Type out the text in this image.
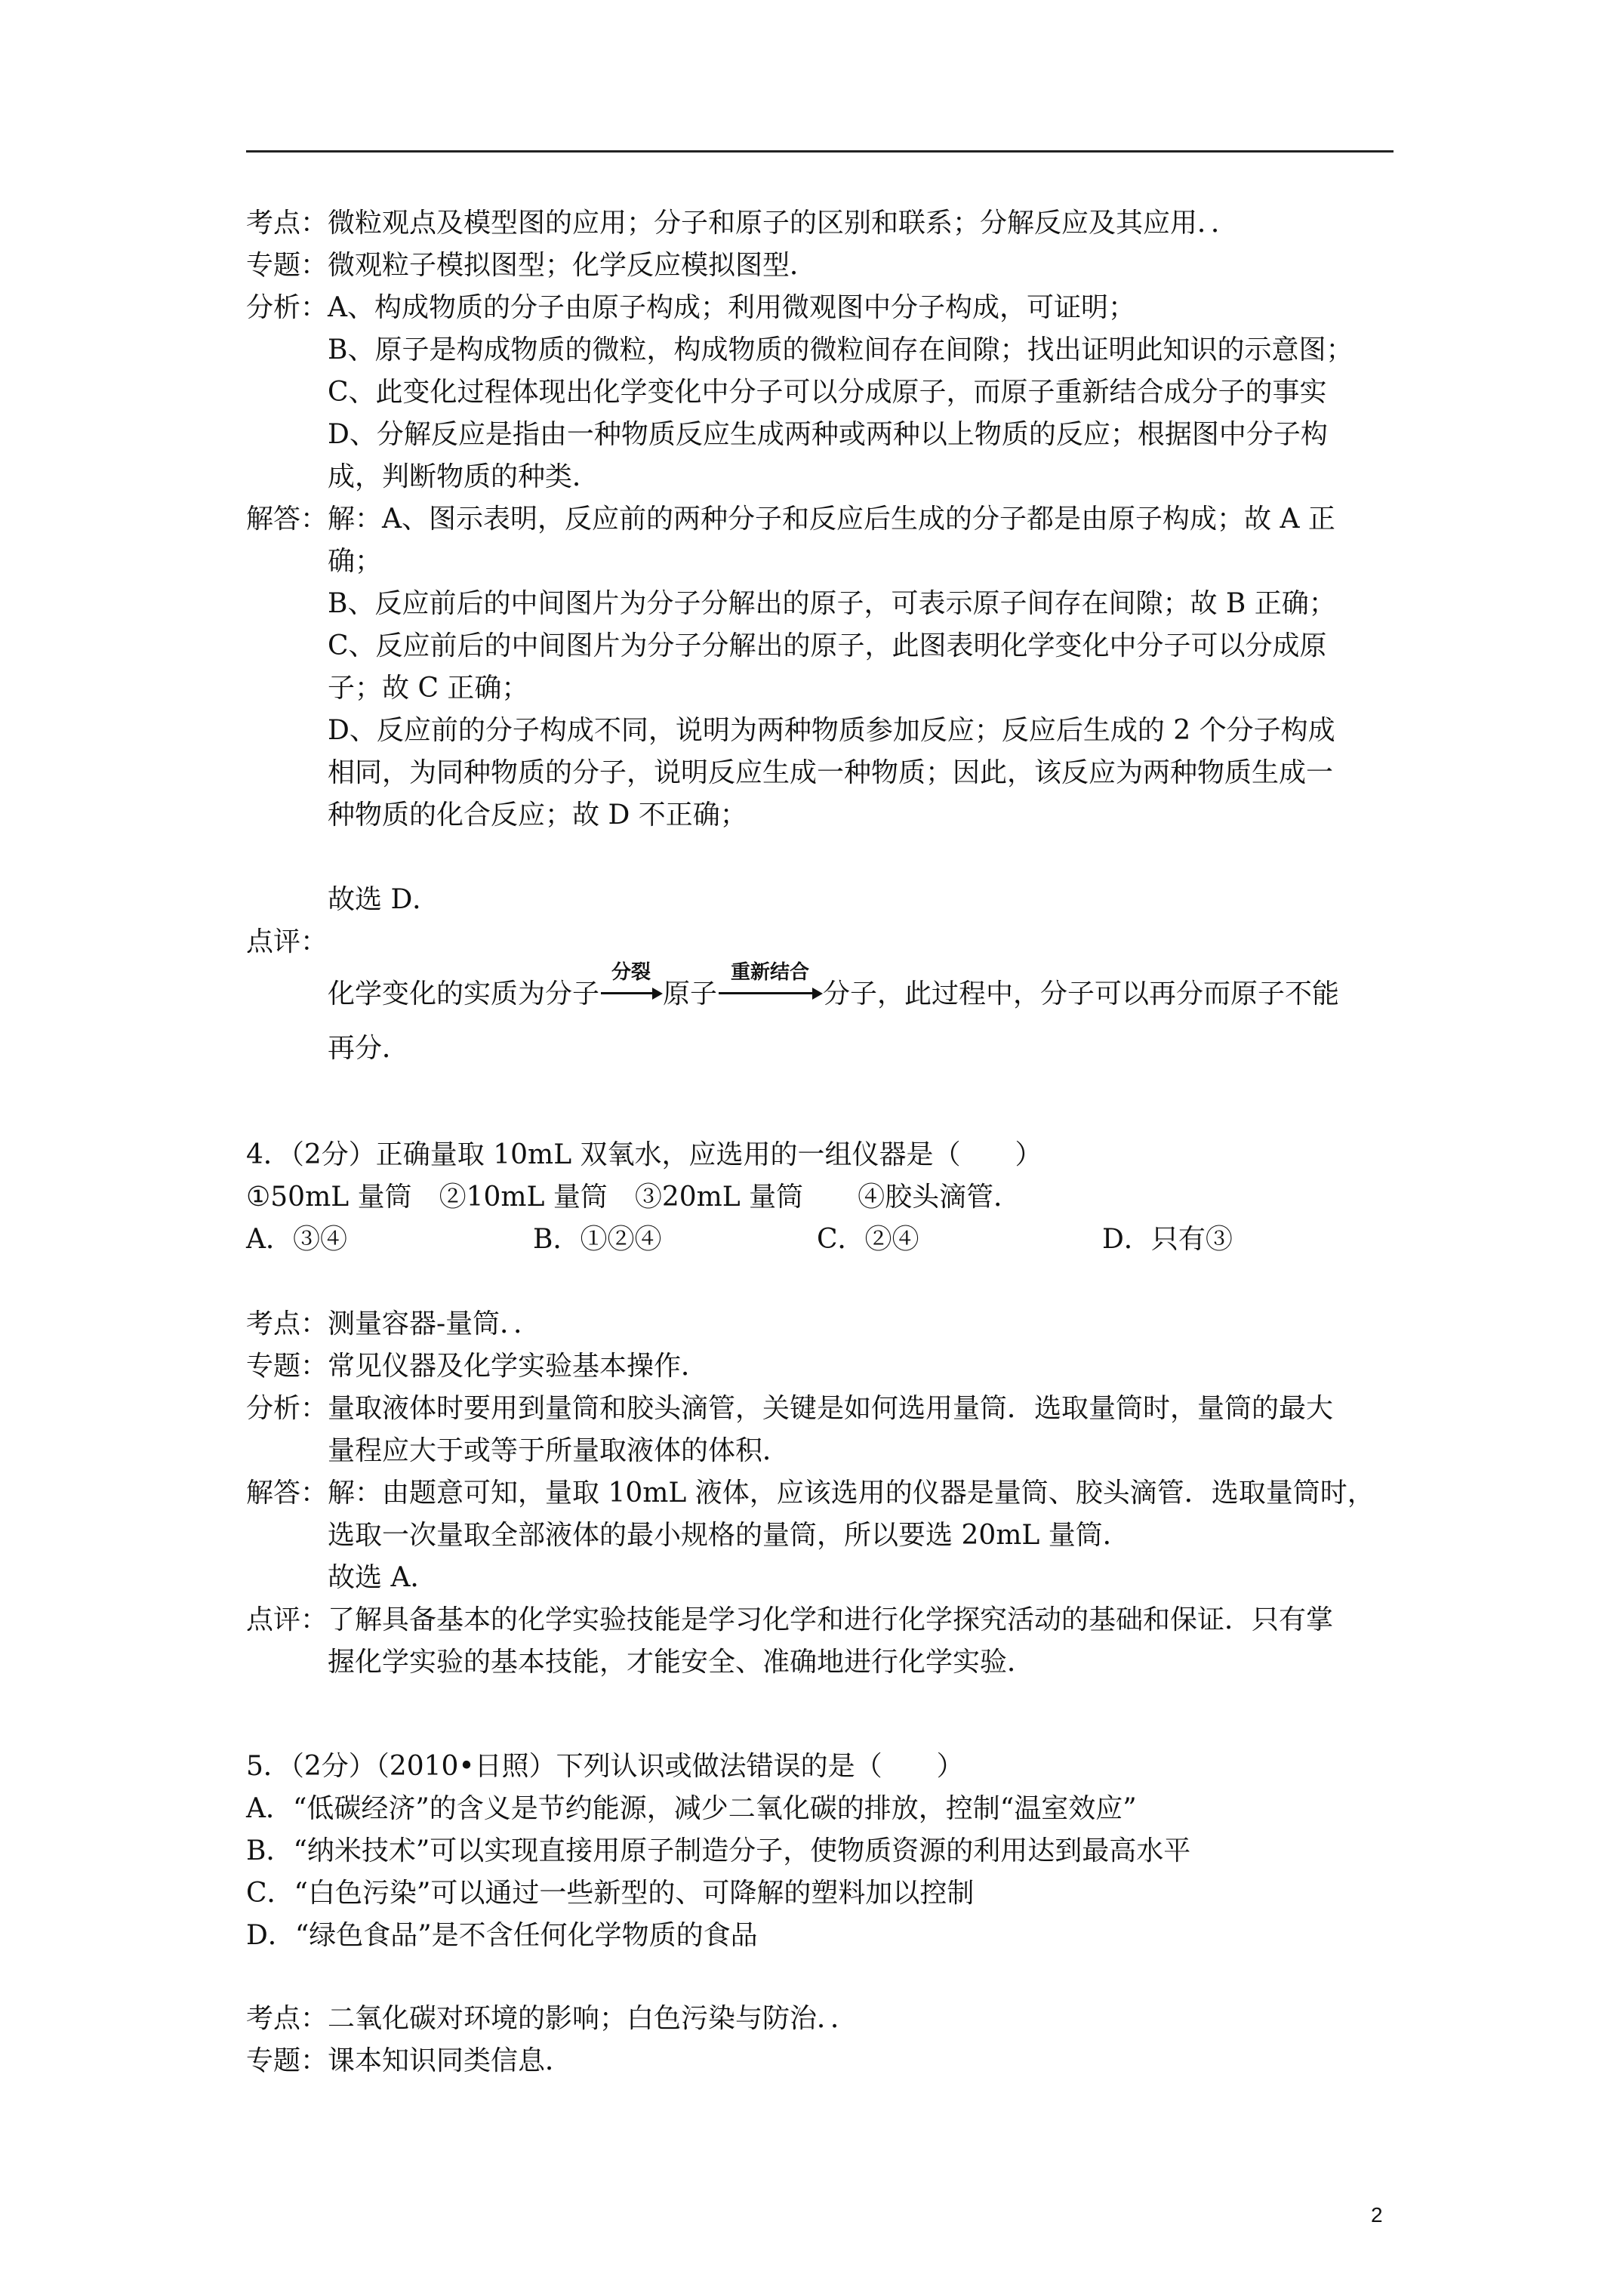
考点：微粒观点及模型图的应用；分子和原子的区别和联系；分解反应及其应用．．
专题：微观粒子模拟图型；化学反应模拟图型．
分析： A、构成物质的分子由原子构成；利用微观图中分子构成，可证明；
B、原子是构成物质的微粒，构成物质的微粒间存在间隙；找出证明此知识的示意图；
C、此变化过程体现出化学变化中分子可以分成原子，而原子重新结合成分子的事实
D、分解反应是指由一种物质反应生成两种或两种以上物质的反应；根据图中分子构
成，判断物质的种类．
解答： 解：A、图示表明，反应前的两种分子和反应后生成的分子都是由原子构成；故 A 正
确；
B、反应前后的中间图片为分子分解出的原子，可表示原子间存在间隙；故 B 正确；
C、反应前后的中间图片为分子分解出的原子，此图表明化学变化中分子可以分成原
子；故 C 正确；
D、反应前的分子构成不同，说明为两种物质参加反应；反应后生成的 2 个分子构成
相同，为同种物质的分子，说明反应生成一种物质；因此，该反应为两种物质生成一
种物质的化合反应；故 D 不正确；
故选 D．
点评：
化学变化的实质为分子
分裂
原子
重新结合
分子，此过程中，分子可以再分而原子不能
再分．
4．（2分）正确量取 10mL 双氧水，应选用的一组仪器是（　　）
①50mL 量筒　②10mL 量筒　③20mL 量筒　　④胶头滴管．
A．③④	B．①②④	C．②④	D．只有③
考点：测量容器-量筒．．
专题：常见仪器及化学实验基本操作．
分析：量取液体时要用到量筒和胶头滴管，关键是如何选用量筒．选取量筒时，量筒的最大
量程应大于或等于所量取液体的体积．
解答：解：由题意可知，量取 10mL 液体，应该选用的仪器是量筒、胶头滴管．选取量筒时，
选取一次量取全部液体的最小规格的量筒，所以要选 20mL 量筒．
故选 A．
点评：了解具备基本的化学实验技能是学习化学和进行化学探究活动的基础和保证．只有掌
握化学实验的基本技能，才能安全、准确地进行化学实验．
5．（2分）（2010•日照）下列认识或做法错误的是（　　）
A．“低碳经济”的含义是节约能源，减少二氧化碳的排放，控制“温室效应”
B．“纳米技术”可以实现直接用原子制造分子，使物质资源的利用达到最高水平
C．“白色污染”可以通过一些新型的、可降解的塑料加以控制
D．“绿色食品”是不含任何化学物质的食品
考点：二氧化碳对环境的影响；白色污染与防治．．
专题：课本知识同类信息．
2
